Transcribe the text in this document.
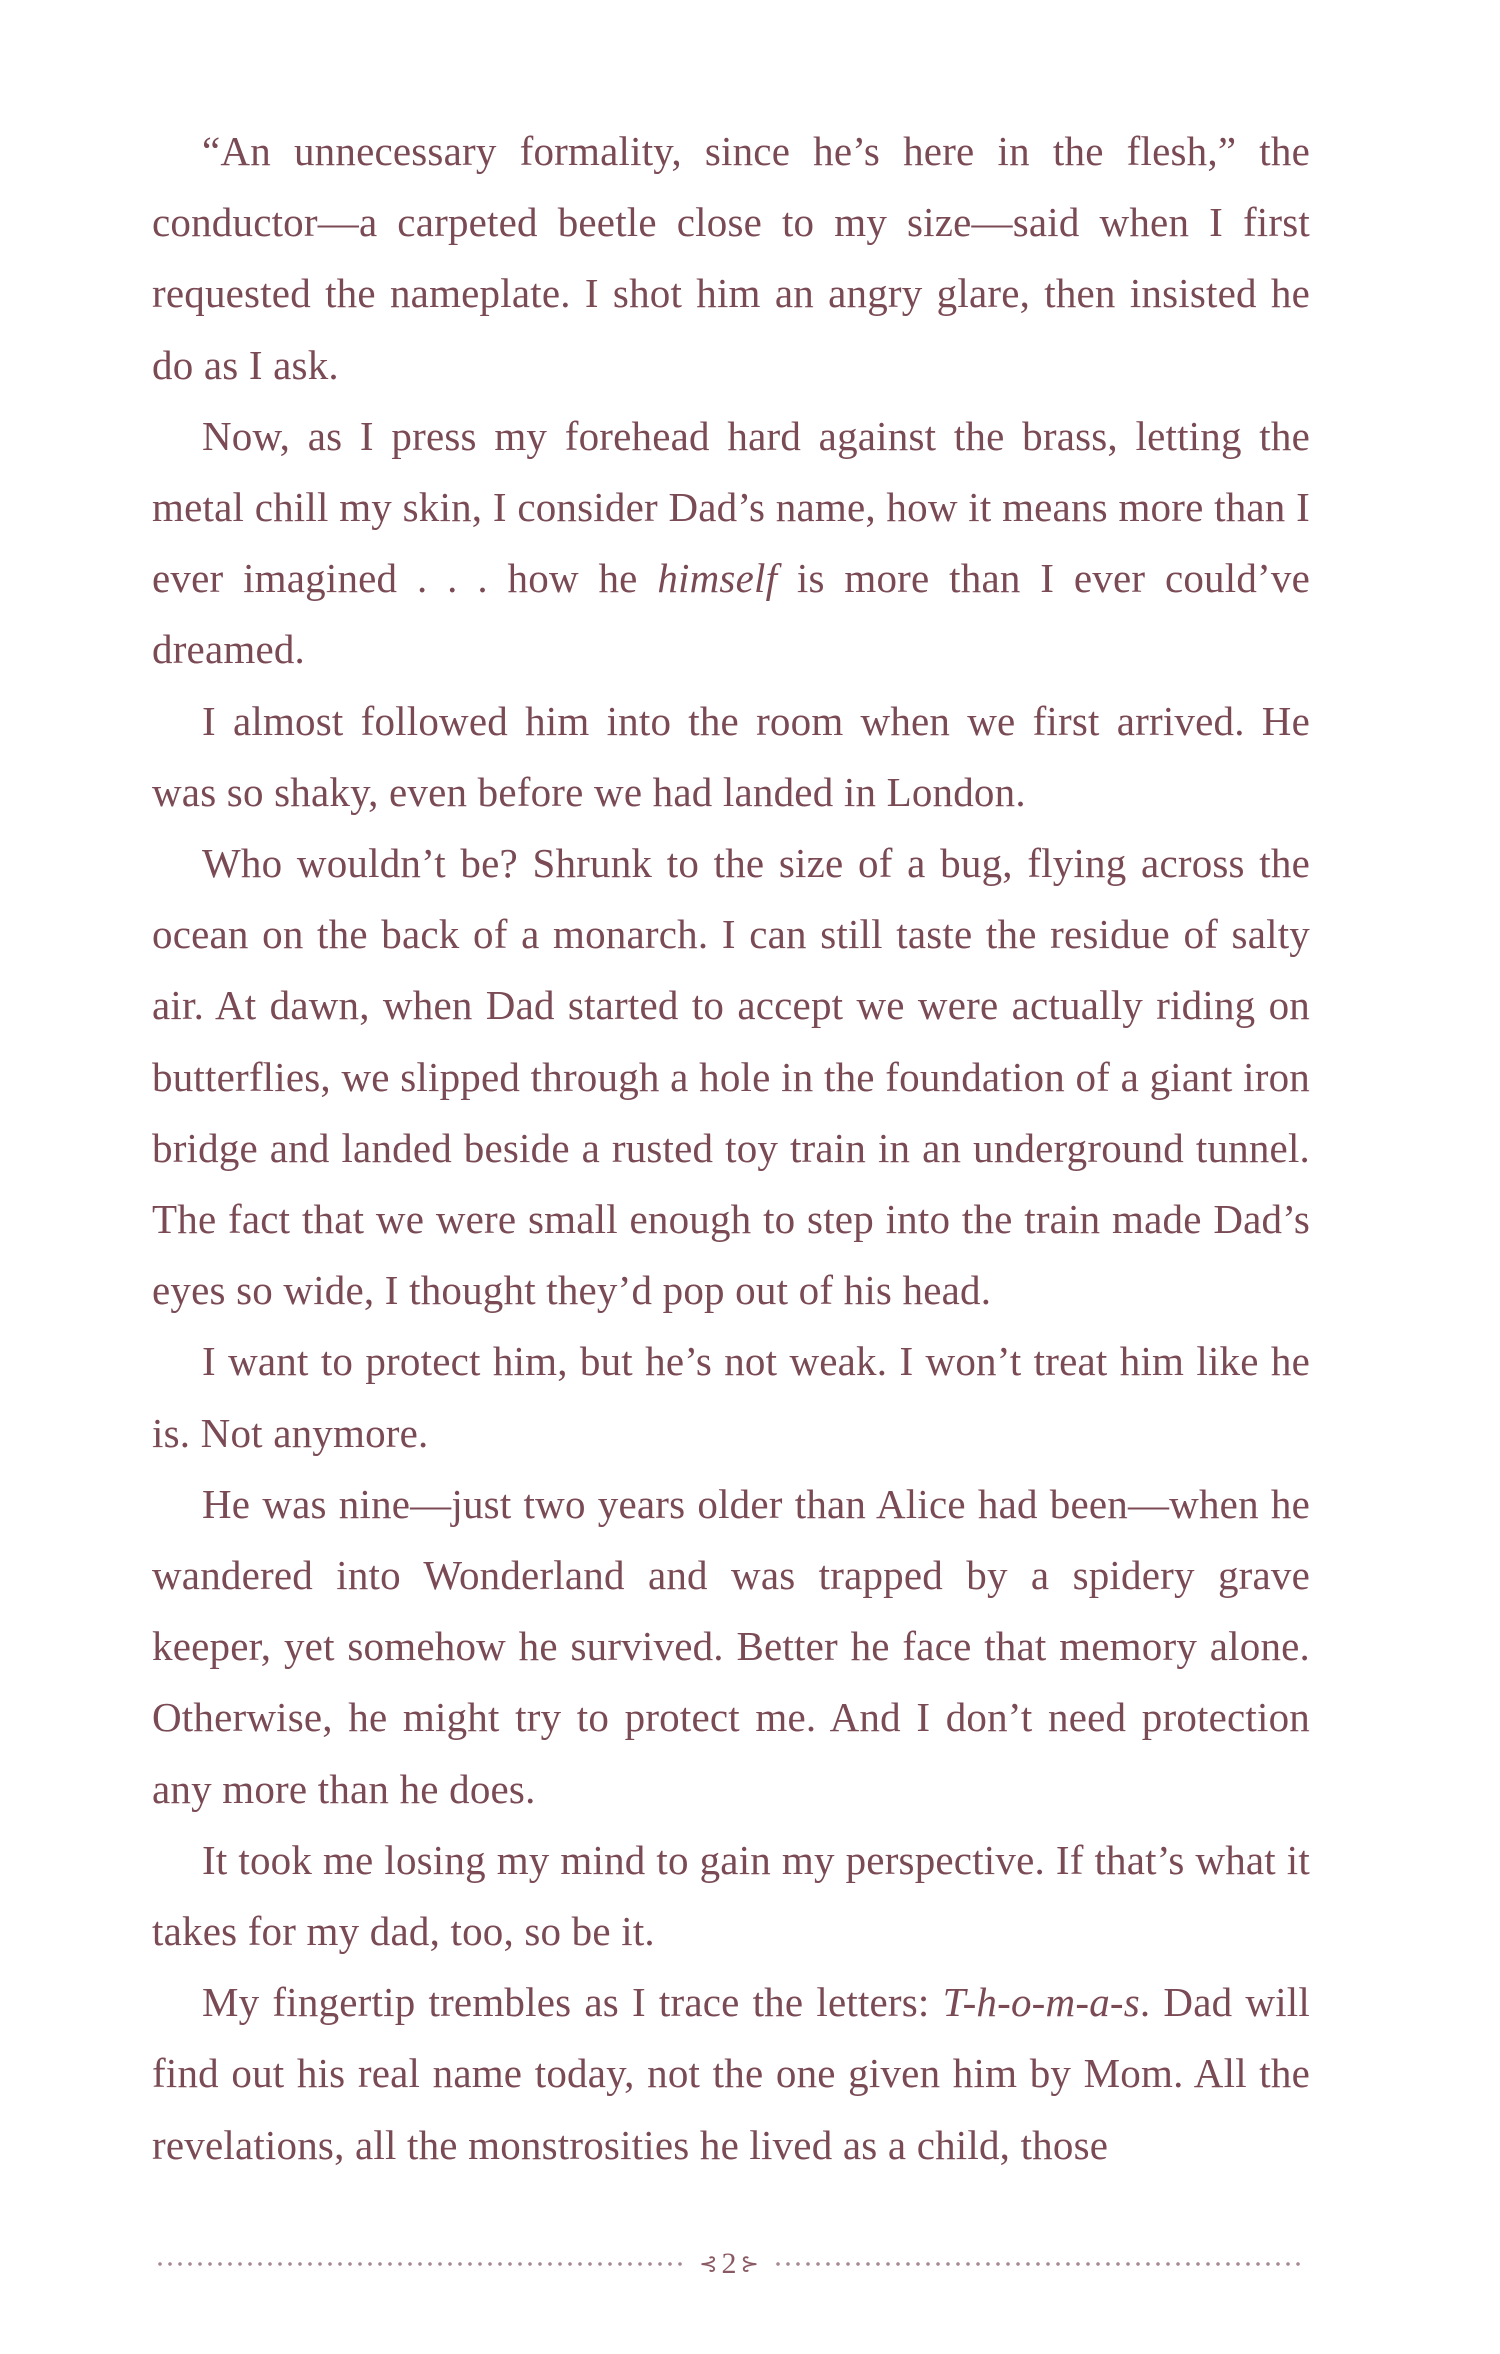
“An unnecessary formality, since he’s here in the flesh,” the conductor—a carpeted beetle close to my size—said when I first requested the nameplate. I shot him an angry glare, then insisted he do as I ask.

Now, as I press my forehead hard against the brass, letting the metal chill my skin, I consider Dad’s name, how it means more than I ever imagined . . . how he himself is more than I ever could’ve dreamed.

I almost followed him into the room when we first arrived. He was so shaky, even before we had landed in London.

Who wouldn’t be? Shrunk to the size of a bug, flying across the ocean on the back of a monarch. I can still taste the residue of salty air. At dawn, when Dad started to accept we were actually riding on butterflies, we slipped through a hole in the foundation of a giant iron bridge and landed beside a rusted toy train in an underground tunnel. The fact that we were small enough to step into the train made Dad’s eyes so wide, I thought they’d pop out of his head.

I want to protect him, but he’s not weak. I won’t treat him like he is. Not anymore.

He was nine—just two years older than Alice had been—when he wandered into Wonderland and was trapped by a spidery grave keeper, yet somehow he survived. Better he face that memory alone. Otherwise, he might try to protect me. And I don’t need protection any more than he does.

It took me losing my mind to gain my perspective. If that’s what it takes for my dad, too, so be it.

My fingertip trembles as I trace the letters: T-h-o-m-a-s. Dad will find out his real name today, not the one given him by Mom. All the revelations, all the monstrosities he lived as a child, those

⊰ 2 ⊱
